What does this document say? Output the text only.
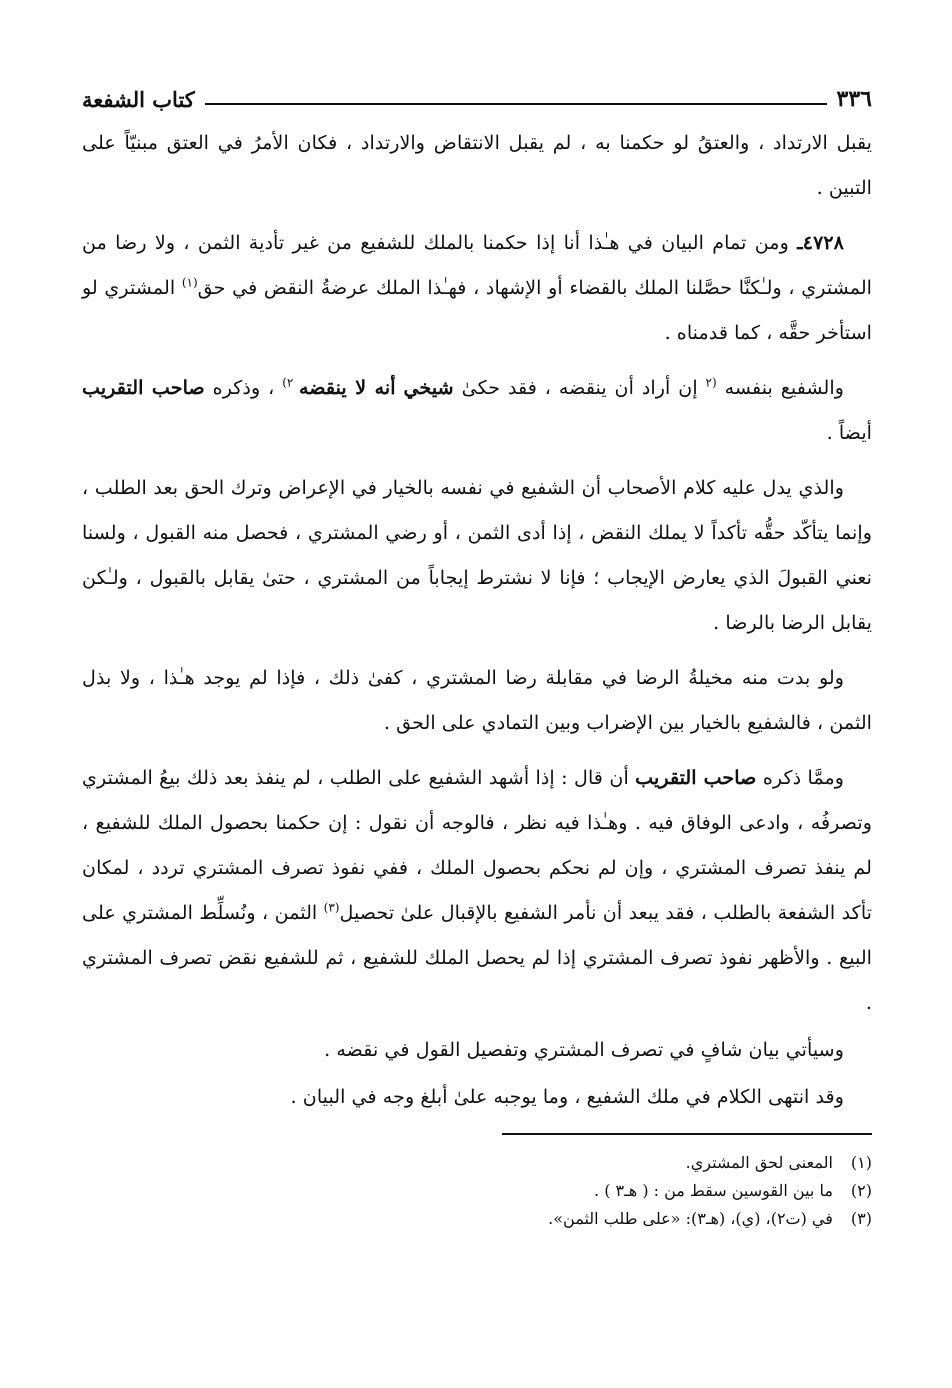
٣٣٦
كتاب الشفعة

يقبل الارتداد ، والعتقُ لو حكمنا به ، لم يقبل الانتقاض والارتداد ، فكان الأمرُ في العتق مبنيّاً على التبين .

٤٧٢٨ـ ومن تمام البيان في هـٰذا أنا إذا حكمنا بالملك للشفيع من غير تأدية الثمن ، ولا رضا من المشتري ، ولـٰكنَّا حصَّلنا الملك بالقضاء أو الإشهاد ، فهـٰذا الملك عرضةُ النقض في حق$^{(١)}$ المشتري لو استأخر حقَّه ، كما قدمناه .

والشفيع بنفسه $^{(٢}$ إن أراد أن ينقضه ، فقد حكىٰ شيخي أنه لا ينقضه $^{٢)}$ ، وذكره صاحب التقريب أيضاً .

والذي يدل عليه كلام الأصحاب أن الشفيع في نفسه بالخيار في الإعراض وترك الحق بعد الطلب ، وإنما يتأكّد حقُّه تأكداً لا يملك النقض ، إذا أدى الثمن ، أو رضي المشتري ، فحصل منه القبول ، ولسنا نعني القبولَ الذي يعارض الإيجاب ؛ فإنا لا نشترط إيجاباً من المشتري ، حتىٰ يقابل بالقبول ، ولـٰكن يقابل الرضا بالرضا .

ولو بدت منه مخيلةُ الرضا في مقابلة رضا المشتري ، كفىٰ ذلك ، فإذا لم يوجد هـٰذا ، ولا بذل الثمن ، فالشفيع بالخيار بين الإضراب وبين التمادي على الحق .

وممَّا ذكره صاحب التقريب أن قال : إذا أشهد الشفيع على الطلب ، لم ينفذ بعد ذلك بيعُ المشتري وتصرفُه ، وادعى الوفاق فيه . وهـٰذا فيه نظر ، فالوجه أن نقول : إن حكمنا بحصول الملك للشفيع ، لم ينفذ تصرف المشتري ، وإن لم نحكم بحصول الملك ، ففي نفوذ تصرف المشتري تردد ، لمكان تأكد الشفعة بالطلب ، فقد يبعد أن نأمر الشفيع بالإقبال علىٰ تحصيل$^{(٣)}$ الثمن ، ونُسلِّط المشتري على البيع . والأظهر نفوذ تصرف المشتري إذا لم يحصل الملك للشفيع ، ثم للشفيع نقض تصرف المشتري .

وسيأتي بيان شافٍ في تصرف المشتري وتفصيل القول في نقضه .

وقد انتهى الكلام في ملك الشفيع ، وما يوجبه علىٰ أبلغ وجه في البيان .

(١)
المعنى لحق المشتري.
(٢)
ما بين القوسين سقط من : ( هـ٣ ) .
(٣)
في (ت٢)، (ي)، (هـ٣): «على طلب الثمن».
